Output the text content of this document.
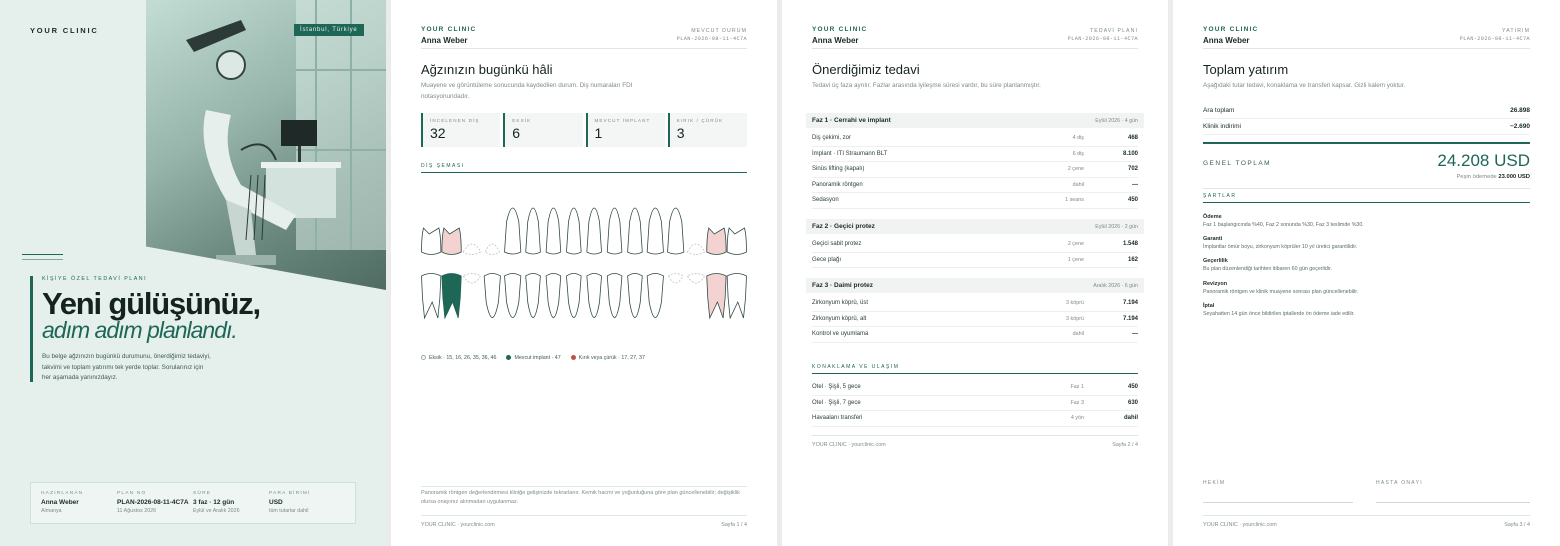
YOUR CLINIC	İstanbul, Türkiye
KİŞİYE ÖZEL TEDAVİ PLANI
Yeni gülüşünüz,
adım adım planlandı.
Bu belge ağzınızın bugünkü durumunu, önerdiğimiz tedaviyi, takvimi ve toplam yatırımı tek yerde toplar. Sorularınız için her aşamada yanınızdayız.
HAZIRLANAN
Anna Weber
Almanya
PLAN NO
PLAN-2026-08-11-4C7A
11 Ağustos 2026
SÜRE
3 faz · 12 gün
Eylül ve Aralık 2026
PARA BİRİMİ
USD
tüm tutarlar dahil
YOUR CLINIC
Anna Weber
MEVCUT DURUM
PLAN-2026-08-11-4C7A
Ağzınızın bugünkü hâli
Muayene ve görüntüleme sonucunda kaydedilen durum. Diş numaraları FDI notasyonundadır.
İNCELENEN DİŞ
32
EKSİK
6
MEVCUT İMPLANT
1
KIRIK / ÇÜRÜK
3
DİŞ ŞEMASI
Eksik · 15, 16, 26, 35, 36, 46	Mevcut implant · 47	Kırık veya çürük · 17, 27, 37
Panoramik röntgen değerlendirmesi kliniğe gelişinizde tekrarlanır. Kemik hacmi ve yoğunluğuna göre plan güncellenebilir; değişiklik olursa onayınız alınmadan uygulanmaz.
YOUR CLINIC · yourclinic.com	Sayfa 1 / 4
YOUR CLINIC
Anna Weber
TEDAVİ PLANI
PLAN-2026-08-11-4C7A
Önerdiğimiz tedavi
Tedavi üç faza ayrılır. Fazlar arasında iyileşme süresi vardır, bu süre planlanmıştır.
Faz 1 · Cerrahi ve implant	Eylül 2026 · 4 gün
Diş çekimi, zor	4 diş	468
İmplant · ITI Straumann BLT	6 diş	8.100
Sinüs lifting (kapalı)	2 çene	702
Panoramik röntgen	dahil	—
Sedasyon	1 seans	450
Faz 2 · Geçici protez	Eylül 2026 · 2 gün
Geçici sabit protez	2 çene	1.548
Gece plağı	1 çene	162
Faz 3 · Daimi protez	Aralık 2026 · 6 gün
Zirkonyum köprü, üst	3 köprü	7.194
Zirkonyum köprü, alt	3 köprü	7.194
Kontrol ve uyumlama	dahil	—
KONAKLAMA VE ULAŞIM
Otel · Şişli, 5 gece	Faz 1	450
Otel · Şişli, 7 gece	Faz 3	630
Havaalanı transferi	4 yön	dahil
YOUR CLINIC · yourclinic.com	Sayfa 2 / 4
YOUR CLINIC
Anna Weber
YATIRIM
PLAN-2026-08-11-4C7A
Toplam yatırım
Aşağıdaki tutar tedavi, konaklama ve transferi kapsar. Gizli kalem yoktur.
Ara toplam	26.898
Klinik indirimi	−2.690
GENEL TOPLAM	24.208 USD
Peşin ödemede 23.000 USD
ŞARTLAR
Ödeme
Faz 1 başlangıcında %40, Faz 2 sonunda %30, Faz 3 teslimde %30.
Garanti
İmplantlar ömür boyu, zirkonyum köprüler 10 yıl üretici garantilidir.
Geçerlilik
Bu plan düzenlendiği tarihten itibaren 60 gün geçerlidir.
Revizyon
Panoramik röntgen ve klinik muayene sonrası plan güncellenebilir.
İptal
Seyahatten 14 gün önce bildirilen iptallerde ön ödeme iade edilir.
HEKİM	HASTA ONAYI
YOUR CLINIC · yourclinic.com	Sayfa 3 / 4
